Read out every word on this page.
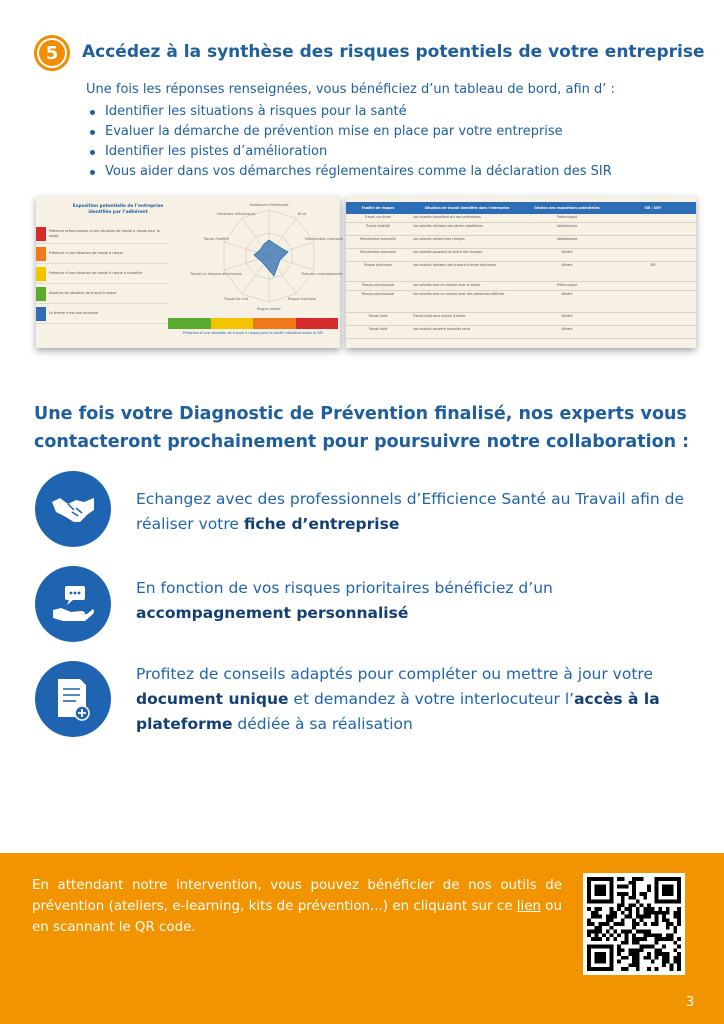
5	Accédez à la synthèse des risques potentiels de votre entreprise
Une fois les réponses renseignées, vous bénéficiez d’un tableau de bord, afin d’ :
Identifier les situations à risques pour la santé
Evaluer la démarche de prévention mise en place par votre entreprise
Identifier les pistes d’amélioration
Vous aider dans vos démarches réglementaires comme la déclaration des SIR
Exposition potentielle de l’entreprise identifiée par l’adhérent
Présence préoccupante d’une situation de travail à risque pour la santé
Présence d’une situation de travail à risque
Présence d’une situation de travail à risque à surveiller
Absence de situation de travail à risque
Le thème n’est pas concerné
Ambiances thermiques
Bruit
Manutention manuelle
Postures contraignantes
Risque chimique
Risque routier
Travail de nuit
Travail en équipes alternantes
Travail répétitif
Vibrations mécaniques
Présence d’une situation de travail à risque pour la santé individuel selon la SIR
Famille de risques	Situation de travail identifiée dans l’entreprise	Gestion des expositions potentielles	SIR / SIR*
Travail sur écran	Les salariés travaillent sur des ordinateurs	Préoccupant
Travail répétitif	Les salariés réalisent des tâches répétitives	Satisfaisante
Manutention manuelle	Les salariés portent des charges	Satisfaisante
Manutention manuelle	Les salariés poussent ou tirent des charges	Sévère
Risque électrique	Les salariés réalisent des travaux d’ordre électrique	Sévère	SIR
Risque psychosocial	Les salariés sont en contact avec le public	Préoccupant
Risque psychosocial	Les salariés sont en contact avec des personnes difficiles	Sévère
Travail isolé	Travail isolé sans moyen d’alerte	Sévère
Travail isolé	Les salariés peuvent travailler seuls	Sévère
Une fois votre Diagnostic de Prévention finalisé, nos experts vous contacteront prochainement pour poursuivre notre collaboration :
Echangez avec des professionnels d’Efficience Santé au Travail afin de réaliser votre fiche d’entreprise
En fonction de vos risques prioritaires bénéficiez d’un accompagnement personnalisé
Profitez de conseils adaptés pour compléter ou mettre à jour votre document unique et demandez à votre interlocuteur l’accès à la plateforme dédiée à sa réalisation
En attendant notre intervention, vous pouvez bénéficier de nos outils de prévention (ateliers, e-learning, kits de prévention...) en cliquant sur ce lien ou en scannant le QR code.
3
